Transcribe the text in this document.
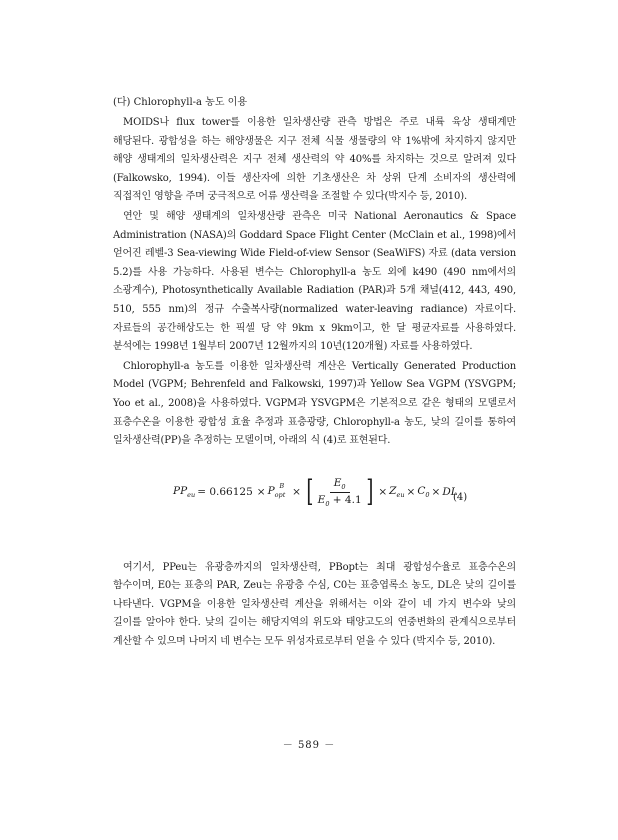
(다) Chlorophyll-a 농도 이용

MOIDS나 flux tower를 이용한 일차생산량 관측 방법은 주로 내륙 육상 생태계만 해당된다. 광합성을 하는 해양생물은 지구 전체 식물 생물량의 약 1%밖에 차지하지 않지만 해양 생태계의 일차생산력은 지구 전체 생산력의 약 40%를 차지하는 것으로 알려져 있다(Falkowsko, 1994). 이들 생산자에 의한 기초생산은 차 상위 단계 소비자의 생산력에 직접적인 영향을 주며 궁극적으로 어류 생산력을 조절할 수 있다(박지수 등, 2010).

연안 및 해양 생태계의 일차생산량 관측은 미국 National Aeronautics & Space Administration (NASA)의 Goddard Space Flight Center (McClain et al., 1998)에서 얻어진 레벨-3 Sea-viewing Wide Field-of-view Sensor (SeaWiFS) 자료 (data version 5.2)를 사용 가능하다. 사용된 변수는 Chlorophyll-a 농도 외에 k490 (490 nm에서의 소광계수), Photosynthetically Available Radiation (PAR)과 5개 채널(412, 443, 490, 510, 555 nm)의 정규 수출복사량(normalized water-leaving radiance) 자료이다. 자료들의 공간해상도는 한 픽셀 당 약 9km x 9km이고, 한 달 평균자료를 사용하였다. 분석에는 1998년 1월부터 2007년 12월까지의 10년(120개월) 자료를 사용하였다.

Chlorophyll-a 농도를 이용한 일차생산력 계산은 Vertically Generated Production Model (VGPM; Behrenfeld and Falkowski, 1997)과 Yellow Sea VGPM (YSVGPM; Yoo et al., 2008)을 사용하였다. VGPM과 YSVGPM은 기본적으로 같은 형태의 모델로서 표층수온을 이용한 광합성 효율 추정과 표층광량, Chlorophyll-a 농도, 낮의 길이를 통하여 일차생산력(PP)을 추정하는 모델이며, 아래의 식 (4)로 표현된다.

$PP_{eu} = 0.66125 \times P_{opt}^B$ × [ $\frac{E_0}{E_0 + 4.1}$ ] × $Z_{eu} \times C_0$ × DL
(4)

여기서, PPeu는 유광층까지의 일차생산력, PBopt는 최대 광합성수율로 표층수온의 함수이며, E0는 표층의 PAR, Zeu는 유광층 수심, C0는 표층엽록소 농도, DL은 낮의 길이를 나타낸다. VGPM을 이용한 일차생산력 계산을 위해서는 이와 같이 네 가지 변수와 낮의 길이를 알아야 한다. 낮의 길이는 해당지역의 위도와 태양고도의 연중변화의 관계식으로부터 계산할 수 있으며 나머지 네 변수는 모두 위성자료로부터 얻을 수 있다 (박지수 등, 2010).

－ 589 －
